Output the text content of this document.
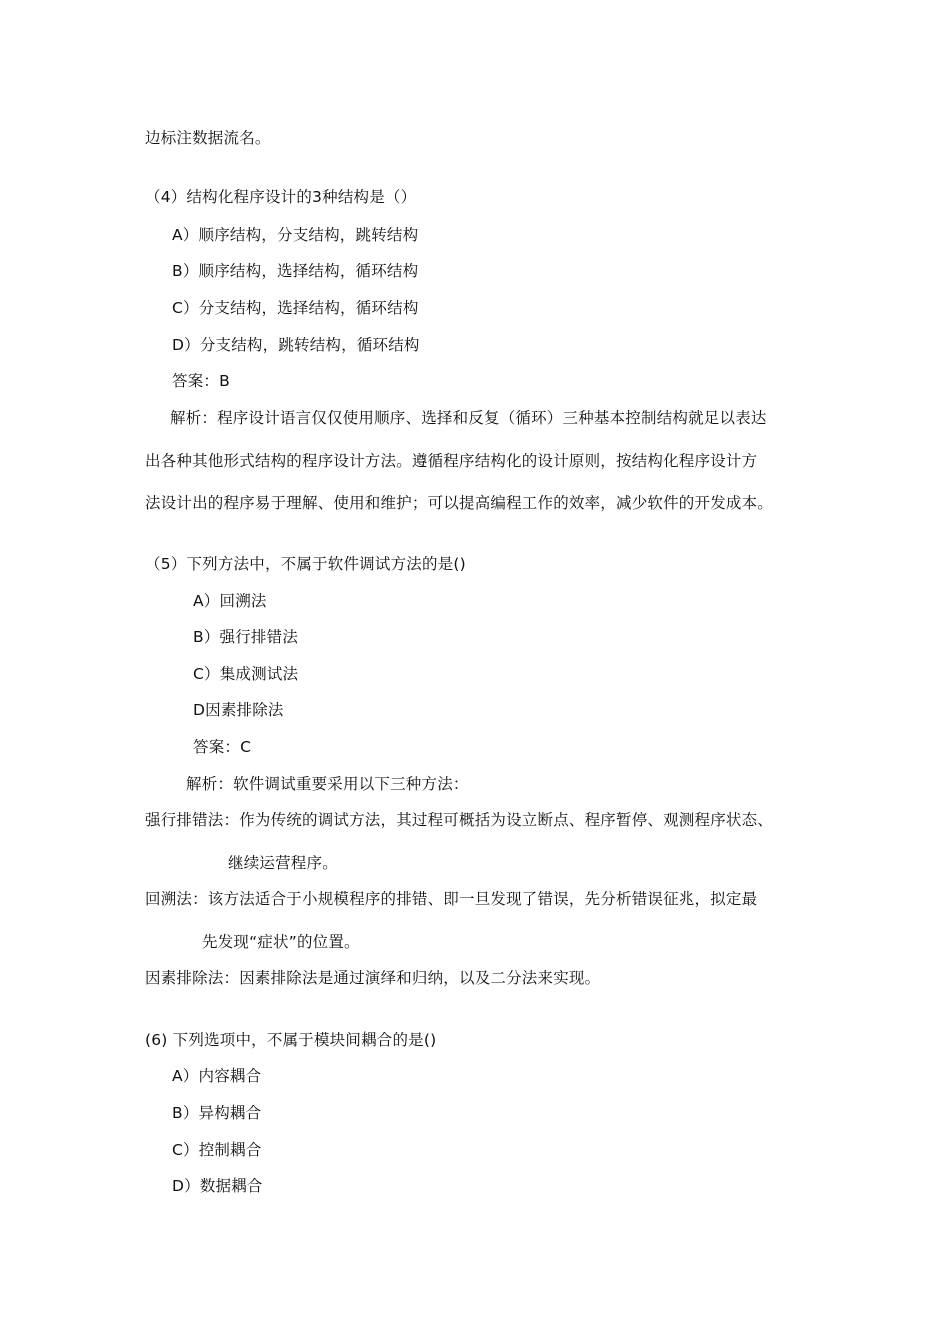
边标注数据流名。
（4）结构化程序设计的3种结构是（）
A）顺序结构，分支结构，跳转结构
B）顺序结构，选择结构，循环结构
C）分支结构，选择结构，循环结构
D）分支结构，跳转结构，循环结构
答案：B
解析：程序设计语言仅仅使用顺序、选择和反复（循环）三种基本控制结构就足以表达
出各种其他形式结构的程序设计方法。遵循程序结构化的设计原则，按结构化程序设计方
法设计出的程序易于理解、使用和维护；可以提高编程工作的效率，减少软件的开发成本。
（5）下列方法中，不属于软件调试方法的是()
A）回溯法
B）强行排错法
C）集成测试法
D因素排除法
答案：C
解析：软件调试重要采用以下三种方法：
强行排错法：作为传统的调试方法，其过程可概括为设立断点、程序暂停、观测程序状态、
继续运营程序。
回溯法：该方法适合于小规模程序的排错、即一旦发现了错误，先分析错误征兆，拟定最
先发现“症状”的位置。
因素排除法：因素排除法是通过演绎和归纳，以及二分法来实现。
(6) 下列选项中，不属于模块间耦合的是()
A）内容耦合
B）异构耦合
C）控制耦合
D）数据耦合
